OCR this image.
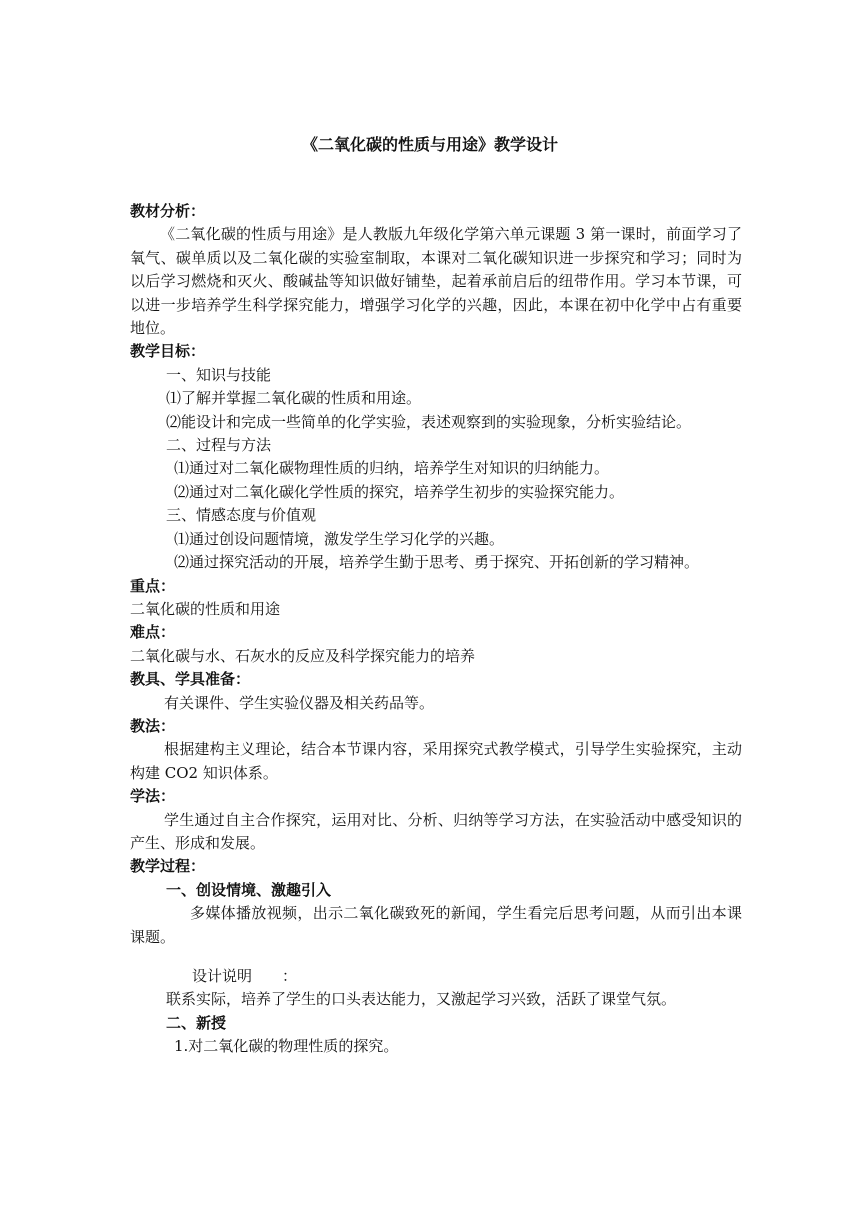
《二氧化碳的性质与用途》教学设计

教材分析：

《二氧化碳的性质与用途》是人教版九年级化学第六单元课题 3 第一课时，前面学习了氧气、碳单质以及二氧化碳的实验室制取，本课对二氧化碳知识进一步探究和学习；同时为以后学习燃烧和灭火、酸碱盐等知识做好铺垫，起着承前启后的纽带作用。学习本节课，可以进一步培养学生科学探究能力，增强学习化学的兴趣，因此，本课在初中化学中占有重要地位。

教学目标：

一、知识与技能

⑴了解并掌握二氧化碳的性质和用途。

⑵能设计和完成一些简单的化学实验，表述观察到的实验现象，分析实验结论。

二、过程与方法

⑴通过对二氧化碳物理性质的归纳，培养学生对知识的归纳能力。

⑵通过对二氧化碳化学性质的探究，培养学生初步的实验探究能力。

三、情感态度与价值观

⑴通过创设问题情境，激发学生学习化学的兴趣。

⑵通过探究活动的开展，培养学生勤于思考、勇于探究、开拓创新的学习精神。

重点：

二氧化碳的性质和用途

难点：

二氧化碳与水、石灰水的反应及科学探究能力的培养

教具、学具准备：

有关课件、学生实验仪器及相关药品等。

教法：

根据建构主义理论，结合本节课内容，采用探究式教学模式，引导学生实验探究，主动构建 CO2 知识体系。

学法：

学生通过自主合作探究，运用对比、分析、归纳等学习方法，在实验活动中感受知识的产生、形成和发展。

教学过程：

一、创设情境、激趣引入

多媒体播放视频，出示二氧化碳致死的新闻，学生看完后思考问题，从而引出本课课题。

设计说明　　：

联系实际，培养了学生的口头表达能力，又激起学习兴致，活跃了课堂气氛。

二、新授

1.对二氧化碳的物理性质的探究。
